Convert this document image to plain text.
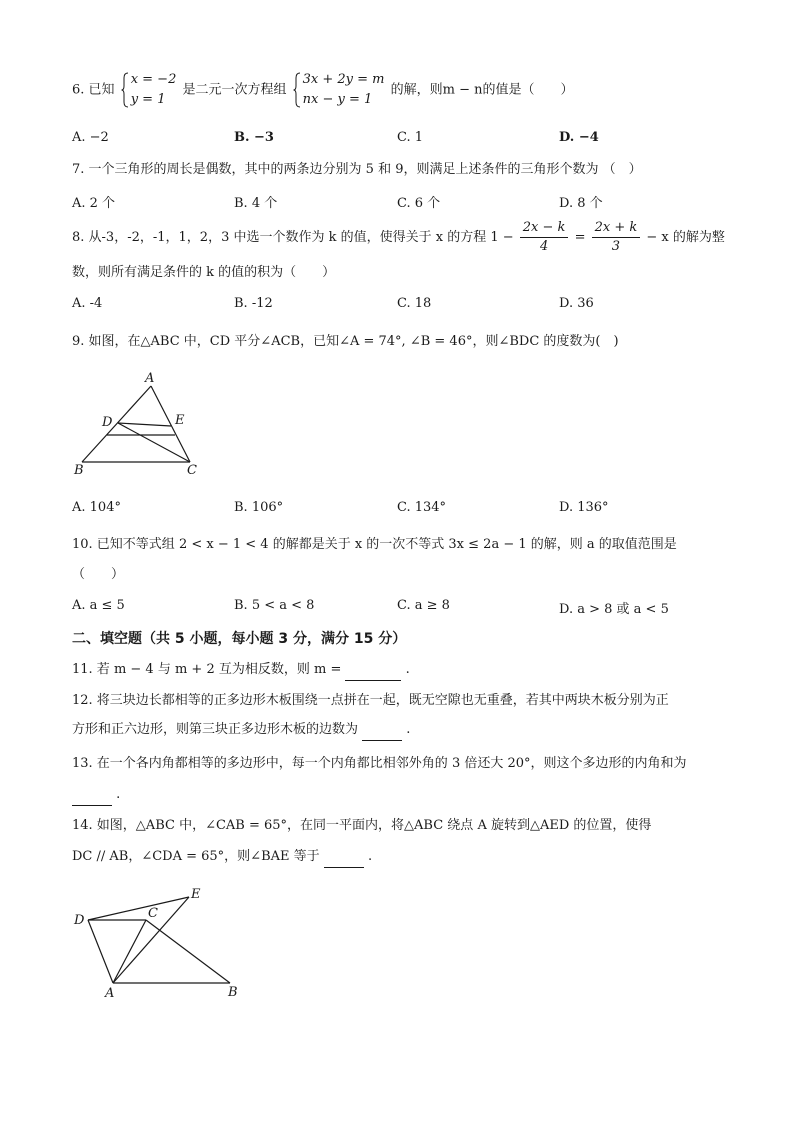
6. 已知
x = −2
y = 1
是二元一次方程组
3x + 2y = m
nx − y = 1
的解，则m − n的值是（　　）
A. −2	B. −3	C. 1	D. −4
7. 一个三角形的周长是偶数，其中的两条边分别为 5 和 9，则满足上述条件的三角形个数为 （　）
A. 2 个	B. 4 个	C. 6 个	D. 8 个
8. 从-3，-2，-1，1，2，3 中选一个数作为 k 的值，使得关于 x 的方程 $1 - \frac{2x - k}{4} = \frac{2x + k}{3} - x$ 的解为整
数，则所有满足条件的 k 的值的积为（　　）
A. -4	B. -12	C. 18	D. 36
9. 如图，在△ABC 中，CD 平分∠ACB，已知∠A = 74°, ∠B = 46°，则∠BDC 的度数为(　)
A
D	E
B	C
A. 104°	B. 106°	C. 134°	D. 136°
10. 已知不等式组 2 < x − 1 < 4 的解都是关于 x 的一次不等式 3x ≤ 2a − 1 的解，则 a 的取值范围是
（　　）
A. a ≤ 5	B. 5 < a < 8	C. a ≥ 8	D. a > 8 或 a < 5
二、填空题（共 5 小题，每小题 3 分，满分 15 分）
11. 若 m − 4 与 m + 2 互为相反数，则 m =	.
12. 将三块边长都相等的正多边形木板围绕一点拼在一起，既无空隙也无重叠，若其中两块木板分别为正
方形和正六边形，则第三块正多边形木板的边数为	.
13. 在一个各内角都相等的多边形中，每一个内角都比相邻外角的 3 倍还大 20°，则这个多边形的内角和为
.
14. 如图，△ABC 中，∠CAB = 65°，在同一平面内，将△ABC 绕点 A 旋转到△AED 的位置，使得
DC // AB，∠CDA = 65°，则∠BAE 等于	.
D
E
C
A	B
